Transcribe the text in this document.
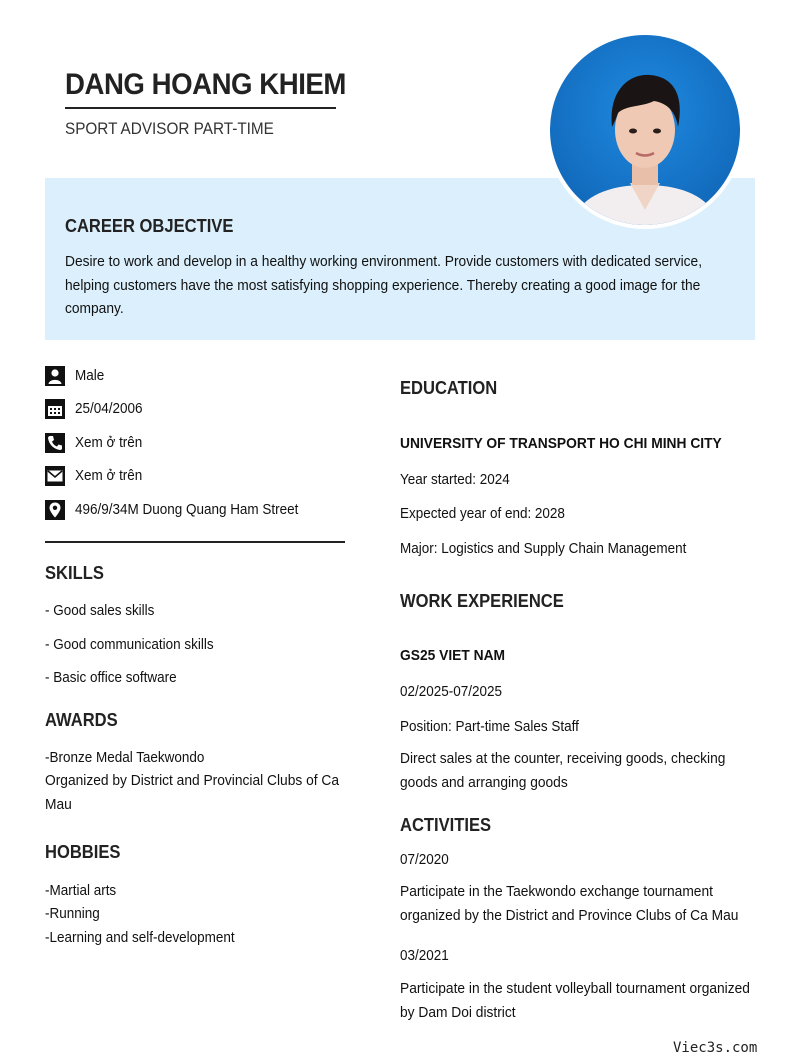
DANG HOANG KHIEM
SPORT ADVISOR PART-TIME
CAREER OBJECTIVE
Desire to work and develop in a healthy working environment. Provide customers with dedicated service, helping customers have the most satisfying shopping experience. Thereby creating a good image for the company.
Male
25/04/2006
Xem ở trên
Xem ở trên
496/9/34M Duong Quang Ham Street
SKILLS
- Good sales skills
- Good communication skills
- Basic office software
AWARDS
-Bronze Medal Taekwondo
Organized by District and Provincial Clubs of Ca Mau
HOBBIES
-Martial arts
-Running
-Learning and self-development
EDUCATION
UNIVERSITY OF TRANSPORT HO CHI MINH CITY
Year started: 2024
Expected year of end: 2028
Major: Logistics and Supply Chain Management
WORK EXPERIENCE
GS25 VIET NAM
02/2025-07/2025
Position: Part-time Sales Staff
Direct sales at the counter, receiving goods, checking goods and arranging goods
ACTIVITIES
07/2020
Participate in the Taekwondo exchange tournament organized by the District and Province Clubs of Ca Mau
03/2021
Participate in the student volleyball tournament organized by Dam Doi district
Viec3s.com
